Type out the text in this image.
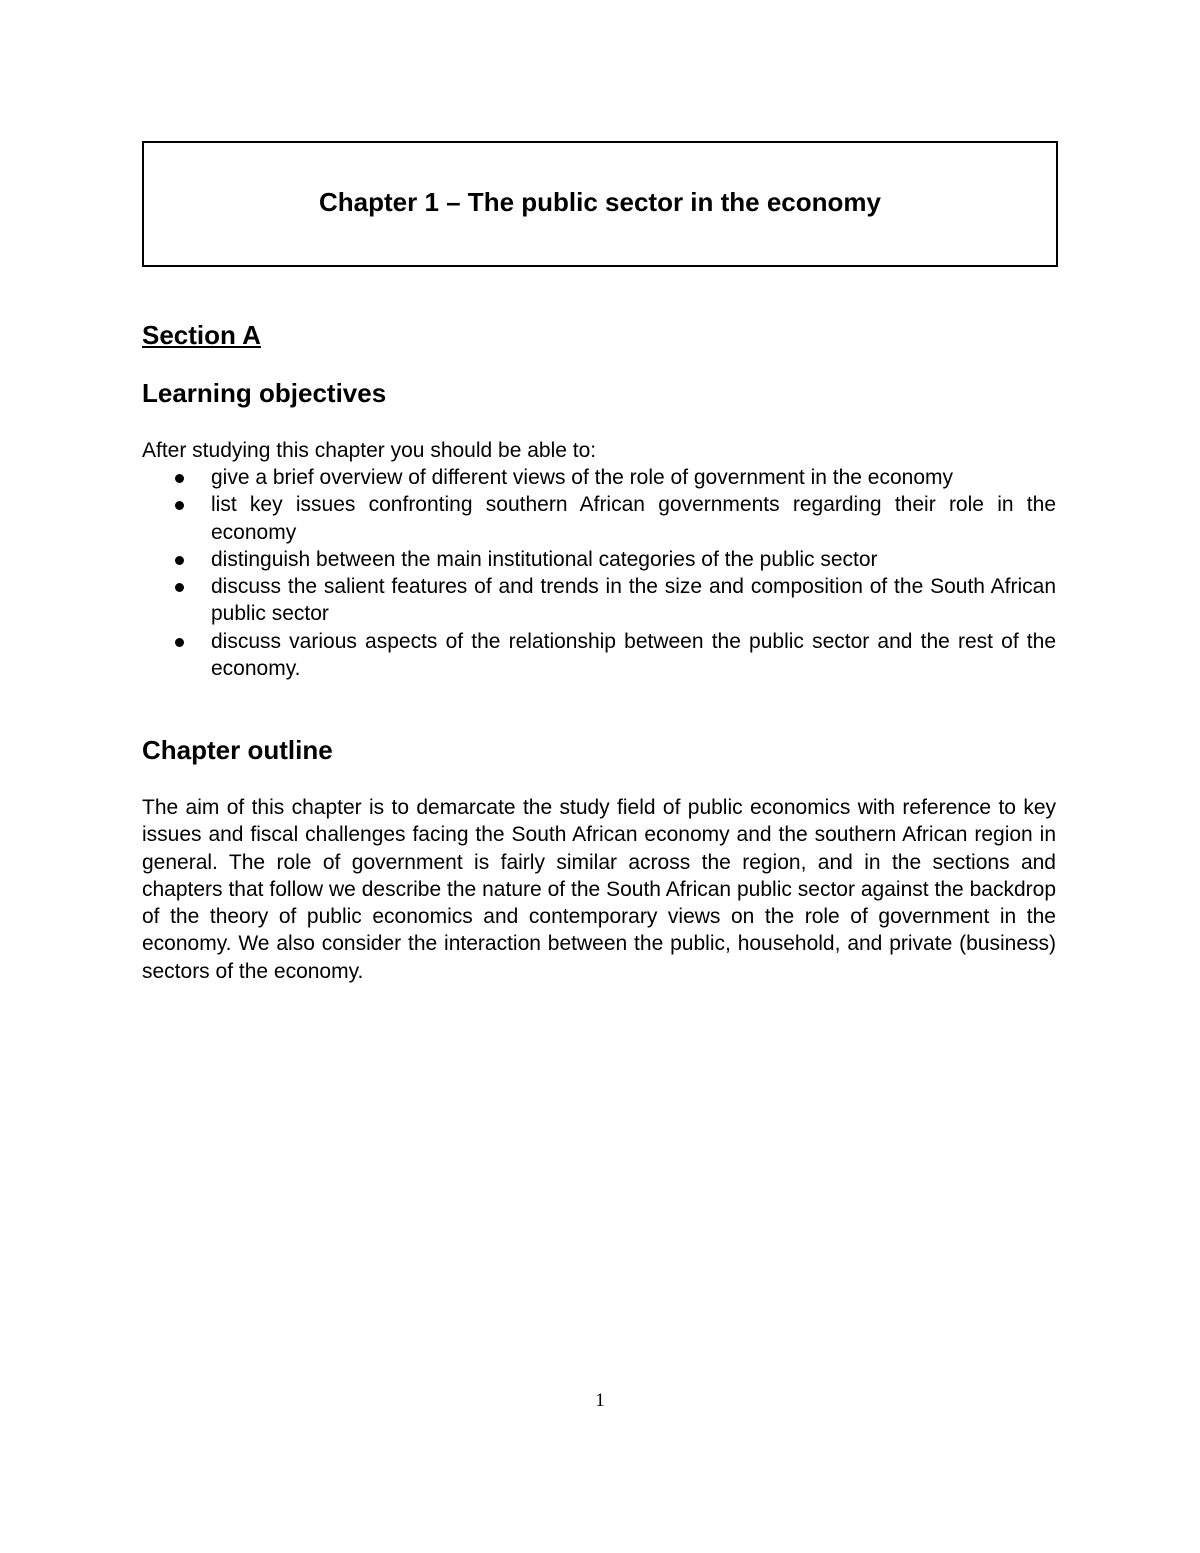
Chapter 1 – The public sector in the economy
Section A
Learning objectives

After studying this chapter you should be able to:

give a brief overview of different views of the role of government in the economy
list key issues confronting southern African governments regarding their role in the economy
distinguish between the main institutional categories of the public sector
discuss the salient features of and trends in the size and composition of the South African public sector
discuss various aspects of the relationship between the public sector and the rest of the economy.
Chapter outline

The aim of this chapter is to demarcate the study field of public economics with reference to key issues and fiscal challenges facing the South African economy and the southern African region in general. The role of government is fairly similar across the region, and in the sections and chapters that follow we describe the nature of the South African public sector against the backdrop of the theory of public economics and contemporary views on the role of government in the economy. We also consider the interaction between the public, household, and private (business) sectors of the economy.

1
